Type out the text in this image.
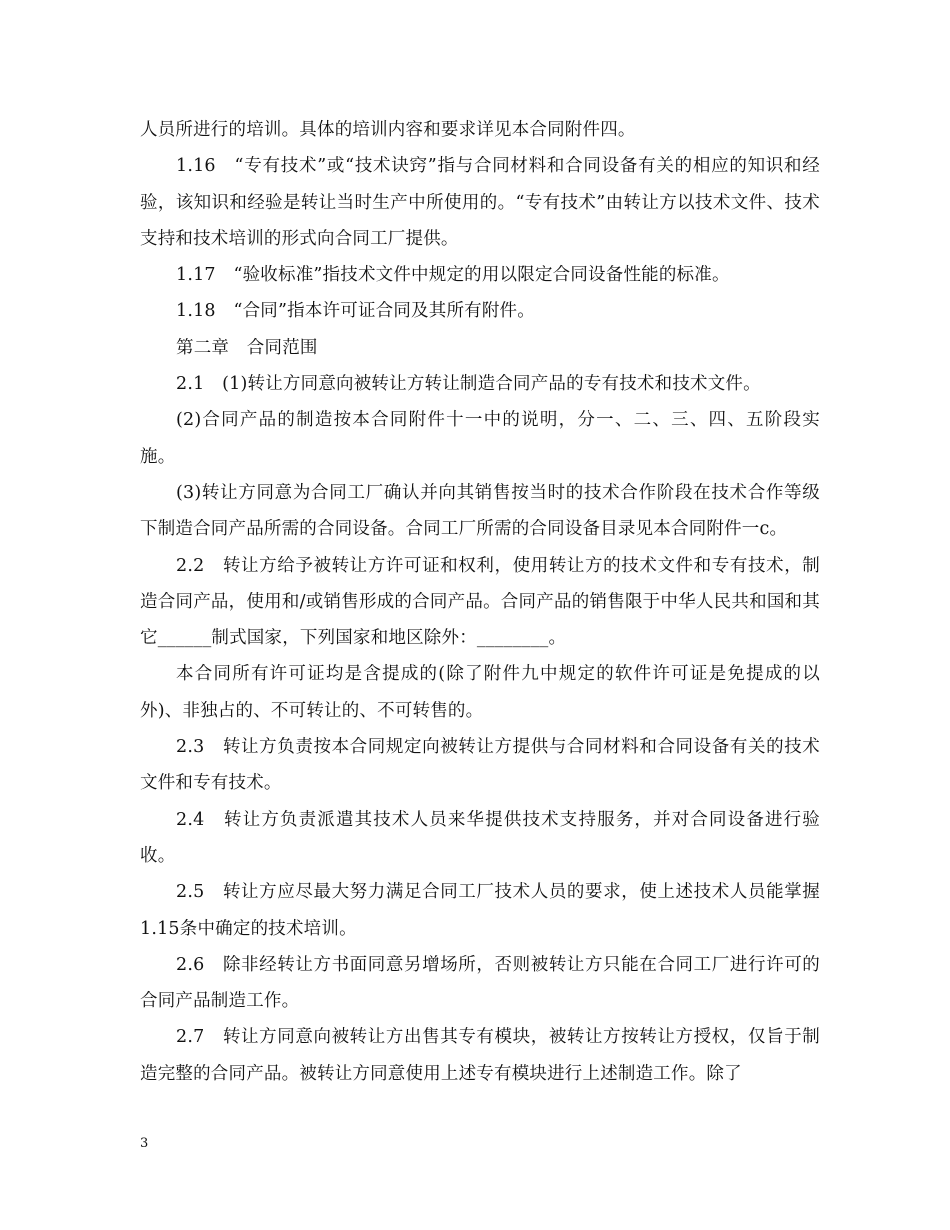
人员所进行的培训。具体的培训内容和要求详见本合同附件四。

1.16　“专有技术”或“技术诀窍”指与合同材料和合同设备有关的相应的知识和经验，该知识和经验是转让当时生产中所使用的。“专有技术”由转让方以技术文件、技术支持和技术培训的形式向合同工厂提供。

1.17　“验收标准”指技术文件中规定的用以限定合同设备性能的标准。

1.18　“合同”指本许可证合同及其所有附件。

第二章　合同范围

2.1　(1)转让方同意向被转让方转让制造合同产品的专有技术和技术文件。

(2)合同产品的制造按本合同附件十一中的说明，分一、二、三、四、五阶段实施。

(3)转让方同意为合同工厂确认并向其销售按当时的技术合作阶段在技术合作等级下制造合同产品所需的合同设备。合同工厂所需的合同设备目录见本合同附件一c。

2.2　转让方给予被转让方许可证和权利，使用转让方的技术文件和专有技术，制造合同产品，使用和/或销售形成的合同产品。合同产品的销售限于中华人民共和国和其它______制式国家，下列国家和地区除外：________。

本合同所有许可证均是含提成的(除了附件九中规定的软件许可证是免提成的以外)、非独占的、不可转让的、不可转售的。

2.3　转让方负责按本合同规定向被转让方提供与合同材料和合同设备有关的技术文件和专有技术。

2.4　转让方负责派遣其技术人员来华提供技术支持服务，并对合同设备进行验收。

2.5　转让方应尽最大努力满足合同工厂技术人员的要求，使上述技术人员能掌握1.15条中确定的技术培训。

2.6　除非经转让方书面同意另增场所，否则被转让方只能在合同工厂进行许可的合同产品制造工作。

2.7　转让方同意向被转让方出售其专有模块，被转让方按转让方授权，仅旨于制造完整的合同产品。被转让方同意使用上述专有模块进行上述制造工作。除了

3
